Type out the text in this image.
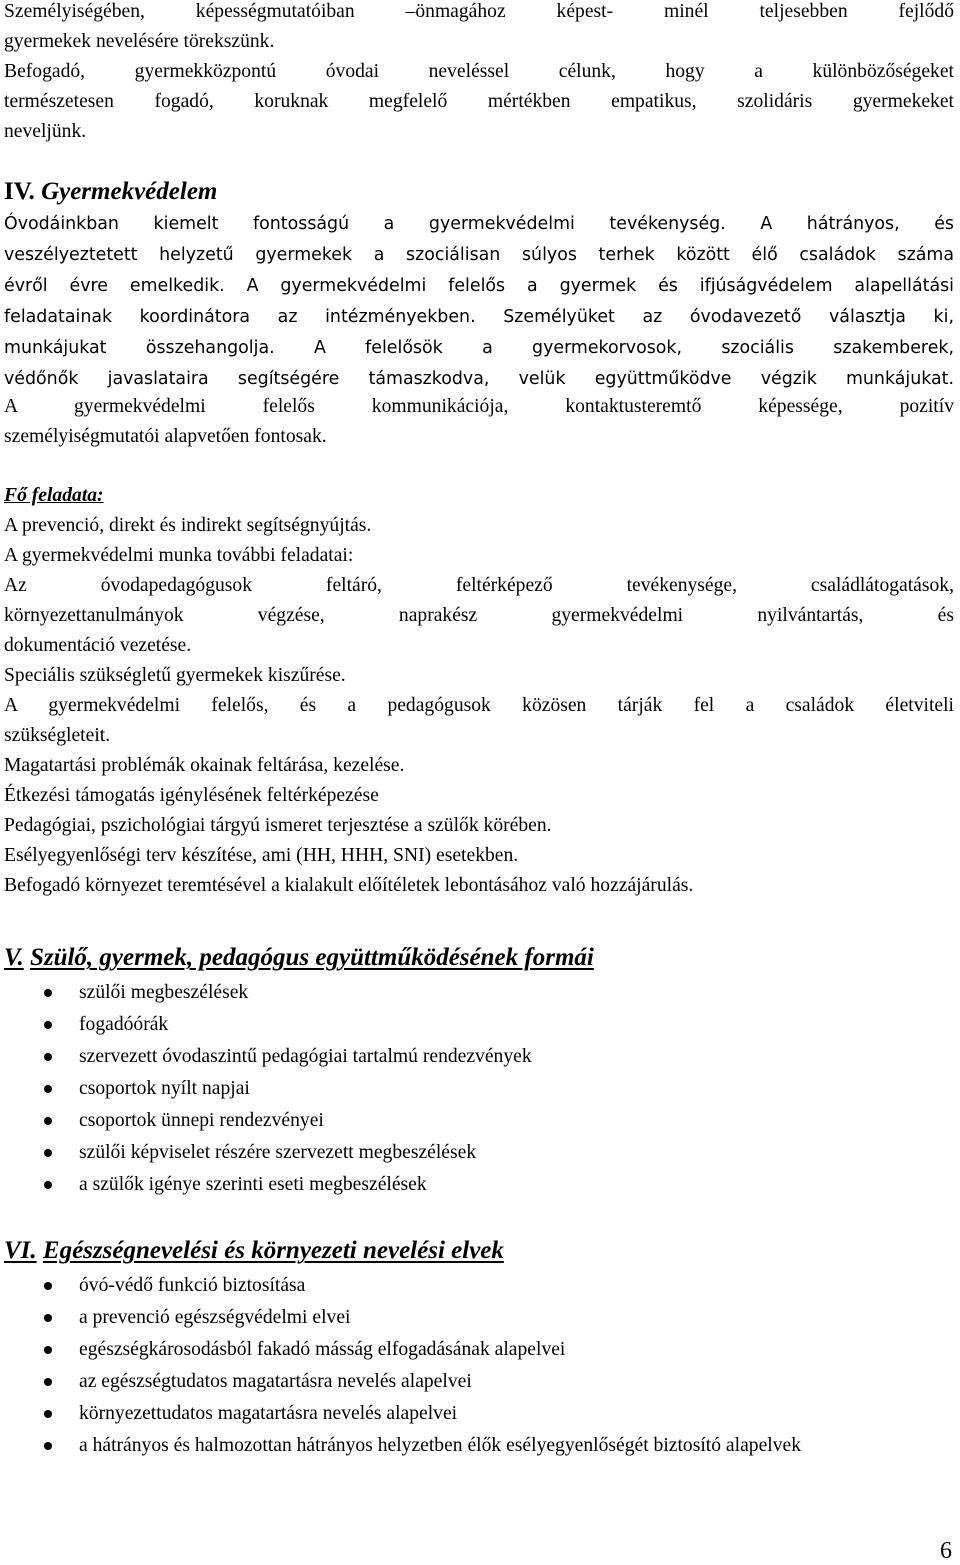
Személyiségében, képességmutatóiban –önmagához képest- minél teljesebben fejlődő
gyermekek nevelésére törekszünk.
Befogadó, gyermekközpontú óvodai neveléssel célunk, hogy a különbözőségeket
természetesen fogadó, koruknak megfelelő mértékben empatikus, szolidáris gyermekeket
neveljünk.
IV. Gyermekvédelem
Óvodáinkban kiemelt fontosságú a gyermekvédelmi tevékenység. A hátrányos, és
veszélyeztetett helyzetű gyermekek a szociálisan súlyos terhek között élő családok száma
évről évre emelkedik. A gyermekvédelmi felelős a gyermek és ifjúságvédelem alapellátási
feladatainak koordinátora az intézményekben. Személyüket az óvodavezető választja ki,
munkájukat összehangolja. A felelősök a gyermekorvosok, szociális szakemberek,
védőnők javaslataira segítségére támaszkodva, velük együttműködve végzik munkájukat.
A gyermekvédelmi felelős kommunikációja, kontaktusteremtő képessége, pozitív
személyiségmutatói alapvetően fontosak.
Fő feladata:
A prevenció, direkt és indirekt segítségnyújtás.
A gyermekvédelmi munka további feladatai:
Az óvodapedagógusok feltáró, feltérképező tevékenysége, családlátogatások,
környezettanulmányok végzése, naprakész gyermekvédelmi nyilvántartás, és
dokumentáció vezetése.
Speciális szükségletű gyermekek kiszűrése.
A gyermekvédelmi felelős, és a pedagógusok közösen tárják fel a családok életviteli
szükségleteit.
Magatartási problémák okainak feltárása, kezelése.
Étkezési támogatás igénylésének feltérképezése
Pedagógiai, pszichológiai tárgyú ismeret terjesztése a szülők körében.
Esélyegyenlőségi terv készítése, ami (HH, HHH, SNI) esetekben.
Befogadó környezet teremtésével a kialakult előítéletek lebontásához való hozzájárulás.
V. Szülő, gyermek, pedagógus együttműködésének formái
szülői megbeszélések
fogadóórák
szervezett óvodaszintű pedagógiai tartalmú rendezvények
csoportok nyílt napjai
csoportok ünnepi rendezvényei
szülői képviselet részére szervezett megbeszélések
a szülők igénye szerinti eseti megbeszélések
VI. Egészségnevelési és környezeti nevelési elvek
óvó-védő funkció biztosítása
a prevenció egészségvédelmi elvei
egészségkárosodásból fakadó másság elfogadásának alapelvei
az egészségtudatos magatartásra nevelés alapelvei
környezettudatos magatartásra nevelés alapelvei
a hátrányos és halmozottan hátrányos helyzetben élők esélyegyenlőségét biztosító alapelvek
6
